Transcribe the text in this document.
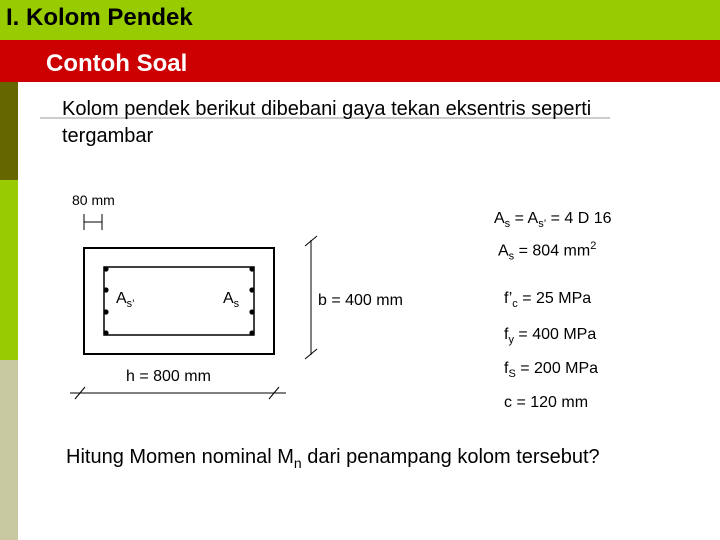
I. Kolom Pendek
Contoh Soal
Kolom pendek berikut dibebani gaya tekan eksentris seperti tergambar
80 mm
$A_{s’}$	$A_s$	b = 400 mm
h = 800 mm
$A_s = A_{s’} = 4$ D 16
$A_s = 804$ $mm^2$
$f’_c = 25$ MPa
$f_y = 400$ MPa
$f_S = 200$ MPa
c = 120 mm
Hitung Momen nominal $M_n$ dari penampang kolom tersebut?
